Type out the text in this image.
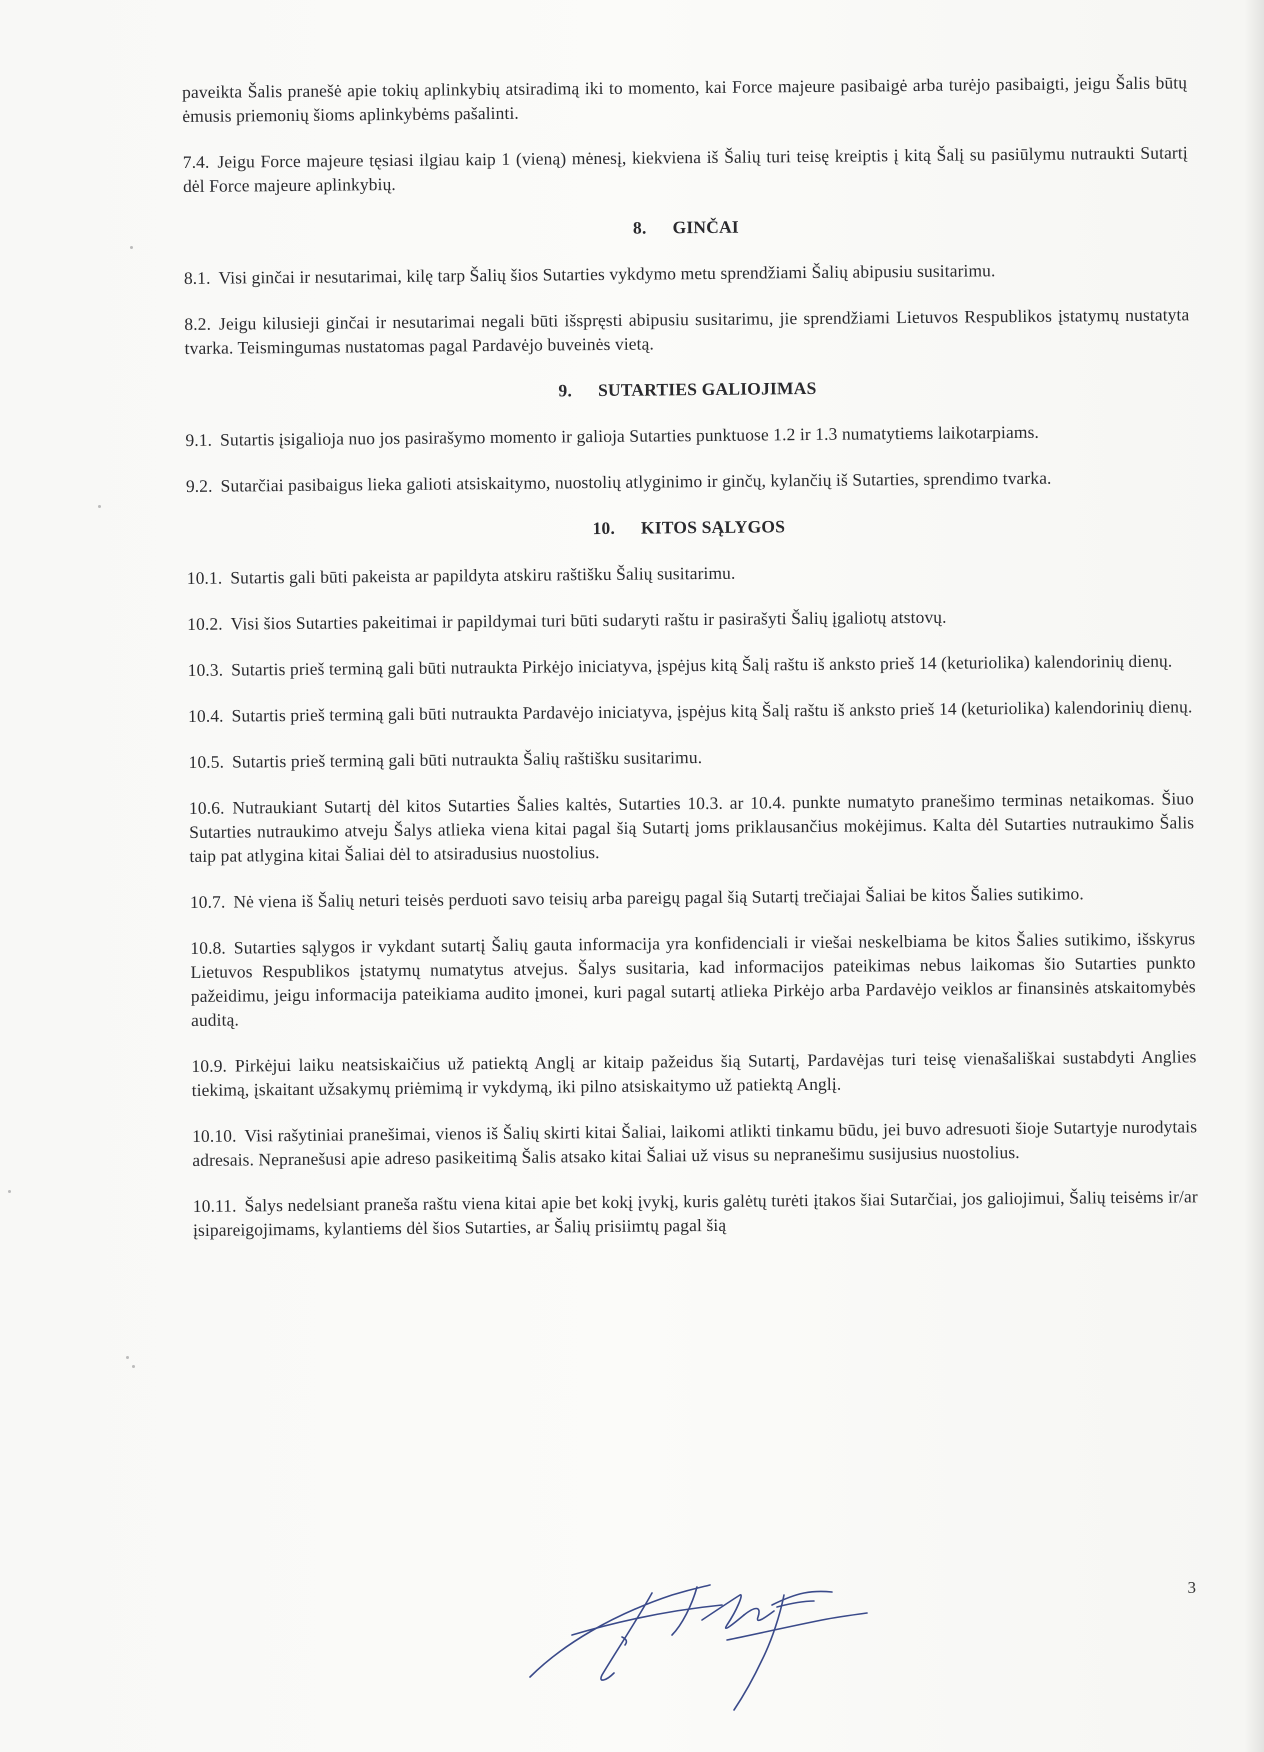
paveikta Šalis pranešė apie tokių aplinkybių atsiradimą iki to momento, kai Force majeure pasibaigė arba turėjo pasibaigti, jeigu Šalis būtų ėmusis priemonių šioms aplinkybėms pašalinti.

7.4. Jeigu Force majeure tęsiasi ilgiau kaip 1 (vieną) mėnesį, kiekviena iš Šalių turi teisę kreiptis į kitą Šalį su pasiūlymu nutraukti Sutartį dėl Force majeure aplinkybių.

8. GINČAI

8.1. Visi ginčai ir nesutarimai, kilę tarp Šalių šios Sutarties vykdymo metu sprendžiami Šalių abipusiu susitarimu.

8.2. Jeigu kilusieji ginčai ir nesutarimai negali būti išspręsti abipusiu susitarimu, jie sprendžiami Lietuvos Respublikos įstatymų nustatyta tvarka. Teismingumas nustatomas pagal Pardavėjo buveinės vietą.

9. SUTARTIES GALIOJIMAS

9.1. Sutartis įsigalioja nuo jos pasirašymo momento ir galioja Sutarties punktuose 1.2 ir 1.3 numatytiems laikotarpiams.

9.2. Sutarčiai pasibaigus lieka galioti atsiskaitymo, nuostolių atlyginimo ir ginčų, kylančių iš Sutarties, sprendimo tvarka.

10. KITOS SĄLYGOS

10.1. Sutartis gali būti pakeista ar papildyta atskiru raštišku Šalių susitarimu.

10.2. Visi šios Sutarties pakeitimai ir papildymai turi būti sudaryti raštu ir pasirašyti Šalių įgaliotų atstovų.

10.3. Sutartis prieš terminą gali būti nutraukta Pirkėjo iniciatyva, įspėjus kitą Šalį raštu iš anksto prieš 14 (keturiolika) kalendorinių dienų.

10.4. Sutartis prieš terminą gali būti nutraukta Pardavėjo iniciatyva, įspėjus kitą Šalį raštu iš anksto prieš 14 (keturiolika) kalendorinių dienų.

10.5. Sutartis prieš terminą gali būti nutraukta Šalių raštišku susitarimu.

10.6. Nutraukiant Sutartį dėl kitos Sutarties Šalies kaltės, Sutarties 10.3. ar 10.4. punkte numatyto pranešimo terminas netaikomas. Šiuo Sutarties nutraukimo atveju Šalys atlieka viena kitai pagal šią Sutartį joms priklausančius mokėjimus. Kalta dėl Sutarties nutraukimo Šalis taip pat atlygina kitai Šaliai dėl to atsiradusius nuostolius.

10.7. Nė viena iš Šalių neturi teisės perduoti savo teisių arba pareigų pagal šią Sutartį trečiajai Šaliai be kitos Šalies sutikimo.

10.8. Sutarties sąlygos ir vykdant sutartį Šalių gauta informacija yra konfidenciali ir viešai neskelbiama be kitos Šalies sutikimo, išskyrus Lietuvos Respublikos įstatymų numatytus atvejus. Šalys susitaria, kad informacijos pateikimas nebus laikomas šio Sutarties punkto pažeidimu, jeigu informacija pateikiama audito įmonei, kuri pagal sutartį atlieka Pirkėjo arba Pardavėjo veiklos ar finansinės atskaitomybės auditą.

10.9. Pirkėjui laiku neatsiskaičius už patiektą Anglį ar kitaip pažeidus šią Sutartį, Pardavėjas turi teisę vienašališkai sustabdyti Anglies tiekimą, įskaitant užsakymų priėmimą ir vykdymą, iki pilno atsiskaitymo už patiektą Anglį.

10.10. Visi rašytiniai pranešimai, vienos iš Šalių skirti kitai Šaliai, laikomi atlikti tinkamu būdu, jei buvo adresuoti šioje Sutartyje nurodytais adresais. Nepranešusi apie adreso pasikeitimą Šalis atsako kitai Šaliai už visus su nepranešimu susijusius nuostolius.

10.11. Šalys nedelsiant praneša raštu viena kitai apie bet kokį įvykį, kuris galėtų turėti įtakos šiai Sutarčiai, jos galiojimui, Šalių teisėms ir/ar įsipareigojimams, kylantiems dėl šios Sutarties, ar Šalių prisiimtų pagal šią

3
